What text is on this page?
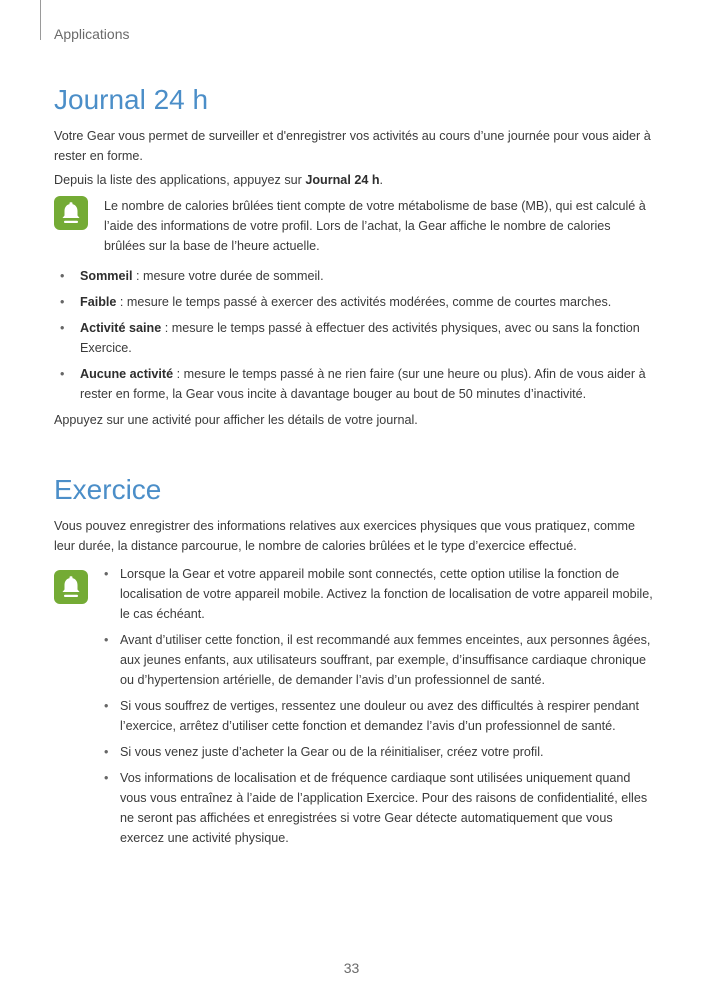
Applications
Journal 24 h

Votre Gear vous permet de surveiller et d'enregistrer vos activités au cours d’une journée pour vous aider à rester en forme.

Depuis la liste des applications, appuyez sur Journal 24 h.

Le nombre de calories brûlées tient compte de votre métabolisme de base (MB), qui est calculé à l’aide des informations de votre profil. Lors de l’achat, la Gear affiche le nombre de calories brûlées sur la base de l’heure actuelle.

• Sommeil : mesure votre durée de sommeil.
• Faible : mesure le temps passé à exercer des activités modérées, comme de courtes marches.
• Activité saine : mesure le temps passé à effectuer des activités physiques, avec ou sans la fonction Exercice.
• Aucune activité : mesure le temps passé à ne rien faire (sur une heure ou plus). Afin de vous aider à rester en forme, la Gear vous incite à davantage bouger au bout de 50 minutes d’inactivité.

Appuyez sur une activité pour afficher les détails de votre journal.

Exercice

Vous pouvez enregistrer des informations relatives aux exercices physiques que vous pratiquez, comme leur durée, la distance parcourue, le nombre de calories brûlées et le type d’exercice effectué.

• Lorsque la Gear et votre appareil mobile sont connectés, cette option utilise la fonction de localisation de votre appareil mobile. Activez la fonction de localisation de votre appareil mobile, le cas échéant.
• Avant d’utiliser cette fonction, il est recommandé aux femmes enceintes, aux personnes âgées, aux jeunes enfants, aux utilisateurs souffrant, par exemple, d’insuffisance cardiaque chronique ou d’hypertension artérielle, de demander l’avis d’un professionnel de santé.
• Si vous souffrez de vertiges, ressentez une douleur ou avez des difficultés à respirer pendant l’exercice, arrêtez d’utiliser cette fonction et demandez l’avis d’un professionnel de santé.
• Si vous venez juste d’acheter la Gear ou de la réinitialiser, créez votre profil.
• Vos informations de localisation et de fréquence cardiaque sont utilisées uniquement quand vous vous entraînez à l’aide de l’application Exercice. Pour des raisons de confidentialité, elles ne seront pas affichées et enregistrées si votre Gear détecte automatiquement que vous exercez une activité physique.
33
